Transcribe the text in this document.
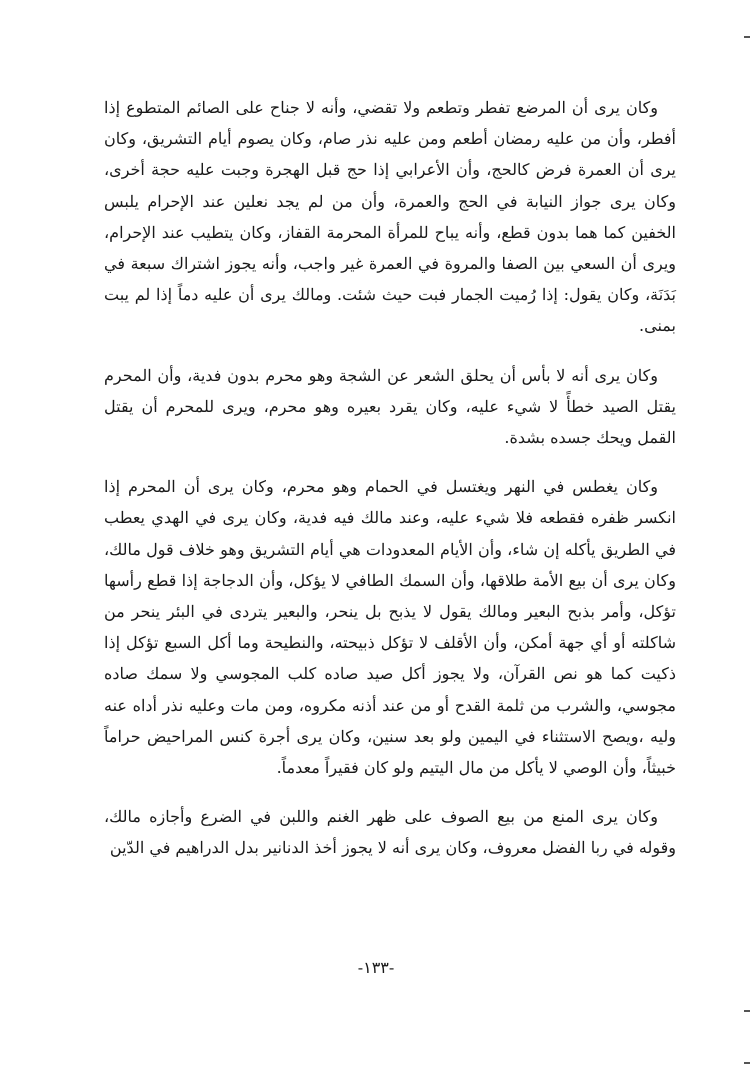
وكان يرى أن المرضع تفطر وتطعم ولا تقضي، وأنه لا جناح على الصائم المتطوع إذا أفطر، وأن من عليه رمضان أطعم ومن عليه نذر صام، وكان يصوم أيام التشريق، وكان يرى أن العمرة فرض كالحج، وأن الأعرابي إذا حج قبل الهجرة وجبت عليه حجة أخرى، وكان يرى جواز النيابة في الحج والعمرة، وأن من لم يجد نعلين عند الإحرام يلبس الخفين كما هما بدون قطع، وأنه يباح للمرأة المحرمة القفاز، وكان يتطيب عند الإحرام، ويرى أن السعي بين الصفا والمروة في العمرة غير واجب، وأنه يجوز اشتراك سبعة في بَدَنَة، وكان يقول: إذا رُميت الجمار فبت حيث شئت. ومالك يرى أن عليه دماً إذا لم يبت بمنى.

وكان يرى أنه لا بأس أن يحلق الشعر عن الشجة وهو محرم بدون فدية، وأن المحرم يقتل الصيد خطأً لا شيء عليه، وكان يقرد بعيره وهو محرم، ويرى للمحرم أن يقتل القمل ويحك جسده بشدة.

وكان يغطس في النهر ويغتسل في الحمام وهو محرم، وكان يرى أن المحرم إذا انكسر ظفره فقطعه فلا شيء عليه، وعند مالك فيه فدية، وكان يرى في الهدي يعطب في الطريق يأكله إن شاء، وأن الأيام المعدودات هي أيام التشريق وهو خلاف قول مالك، وكان يرى أن بيع الأمة طلاقها، وأن السمك الطافي لا يؤكل، وأن الدجاجة إذا قطع رأسها تؤكل، وأمر بذبح البعير ومالك يقول لا يذبح بل ينحر، والبعير يتردى في البئر ينحر من شاكلته أو أي جهة أمكن، وأن الأقلف لا تؤكل ذبيحته، والنطيحة وما أكل السبع تؤكل إذا ذكيت كما هو نص القرآن، ولا يجوز أكل صيد صاده كلب المجوسي ولا سمك صاده مجوسي، والشرب من ثلمة القدح أو من عند أذنه مكروه، ومن مات وعليه نذر أداه عنه وليه ،ويصح الاستثناء في اليمين ولو بعد سنين، وكان يرى أجرة كنس المراحيض حراماً خبيثاً، وأن الوصي لا يأكل من مال اليتيم ولو كان فقيراً معدماً.

وكان يرى المنع من بيع الصوف على ظهر الغنم واللبن في الضرع وأجازه مالك، وقوله في ربا الفضل معروف، وكان يرى أنه لا يجوز أخذ الدنانير بدل الدراهيم في الدّين

-١٣٣-
